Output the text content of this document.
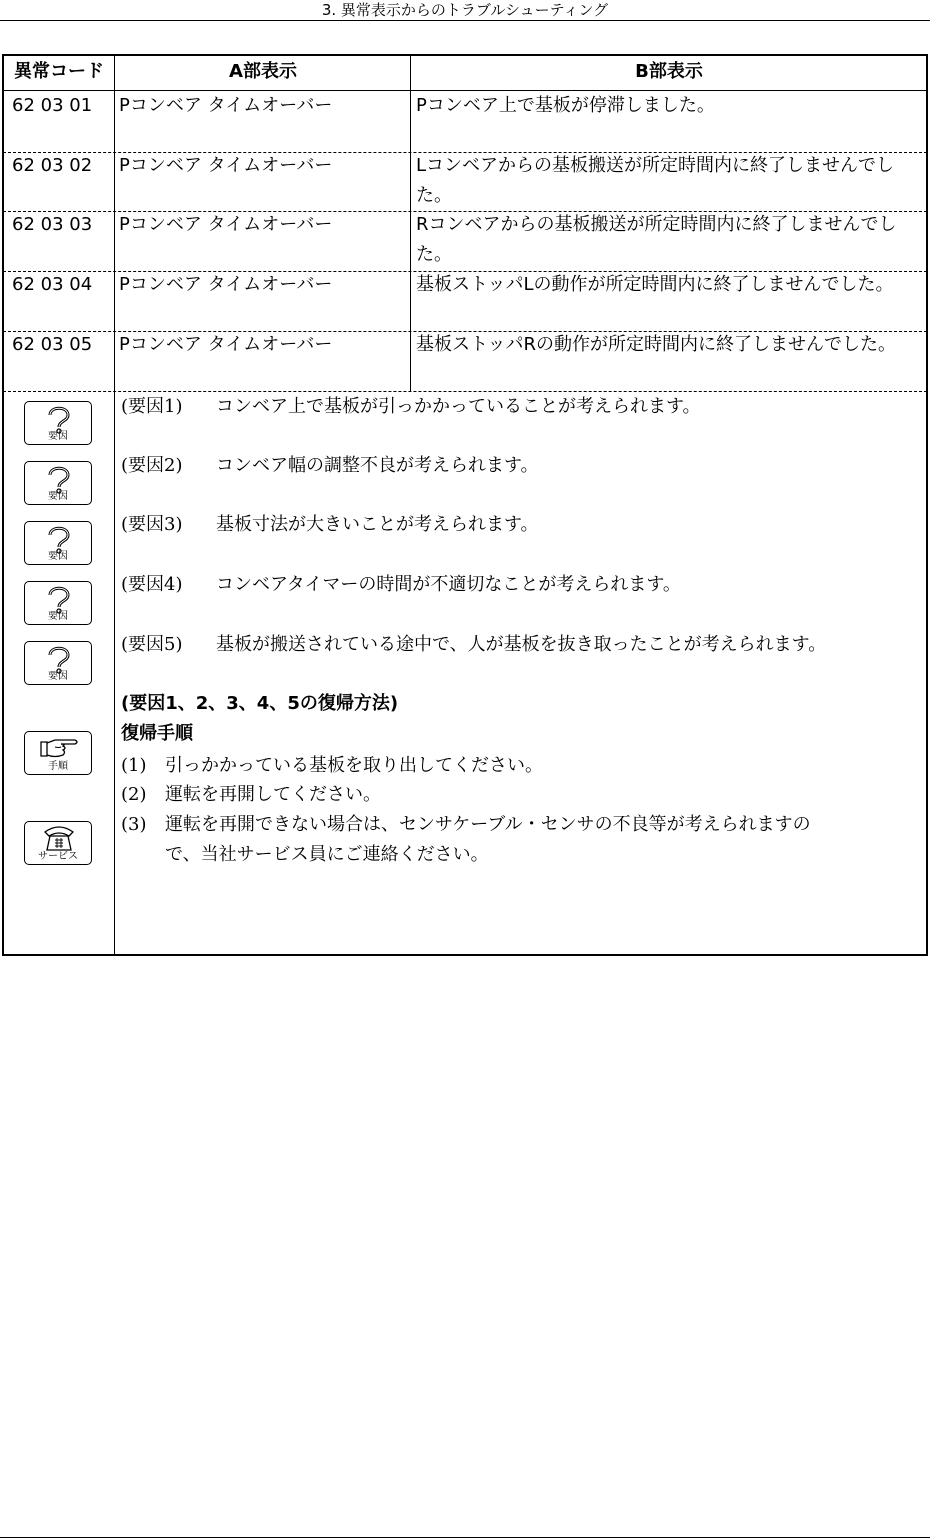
3. 異常表示からのトラブルシューティング
異常コード	A部表示	B部表示
62 03 01 Pコンベア タイムオーバー	Pコンベア上で基板が停滞しました。
62 03 02 Pコンベア タイムオーバー	Lコンベアからの基板搬送が所定時間内に終了しませんでした。
62 03 03 Pコンベア タイムオーバー	Rコンベアからの基板搬送が所定時間内に終了しませんでした。
62 03 04 Pコンベア タイムオーバー	基板ストッパLの動作が所定時間内に終了しませんでした。
62 03 05 Pコンベア タイムオーバー	基板ストッパRの動作が所定時間内に終了しませんでした。
要因
要因
要因
要因
要因
手順
サービス
(要因1) コンベア上で基板が引っかかっていることが考えられます。
(要因2) コンベア幅の調整不良が考えられます。
(要因3) 基板寸法が大きいことが考えられます。
(要因4) コンベアタイマーの時間が不適切なことが考えられます。
(要因5) 基板が搬送されている途中で、人が基板を抜き取ったことが考えられます。
(要因1、2、3、4、5の復帰方法)
復帰手順
(1) 引っかかっている基板を取り出してください。
(2) 運転を再開してください。
(3) 運転を再開できない場合は、センサケーブル・センサの不良等が考えられますの
で、当社サービス員にご連絡ください。
